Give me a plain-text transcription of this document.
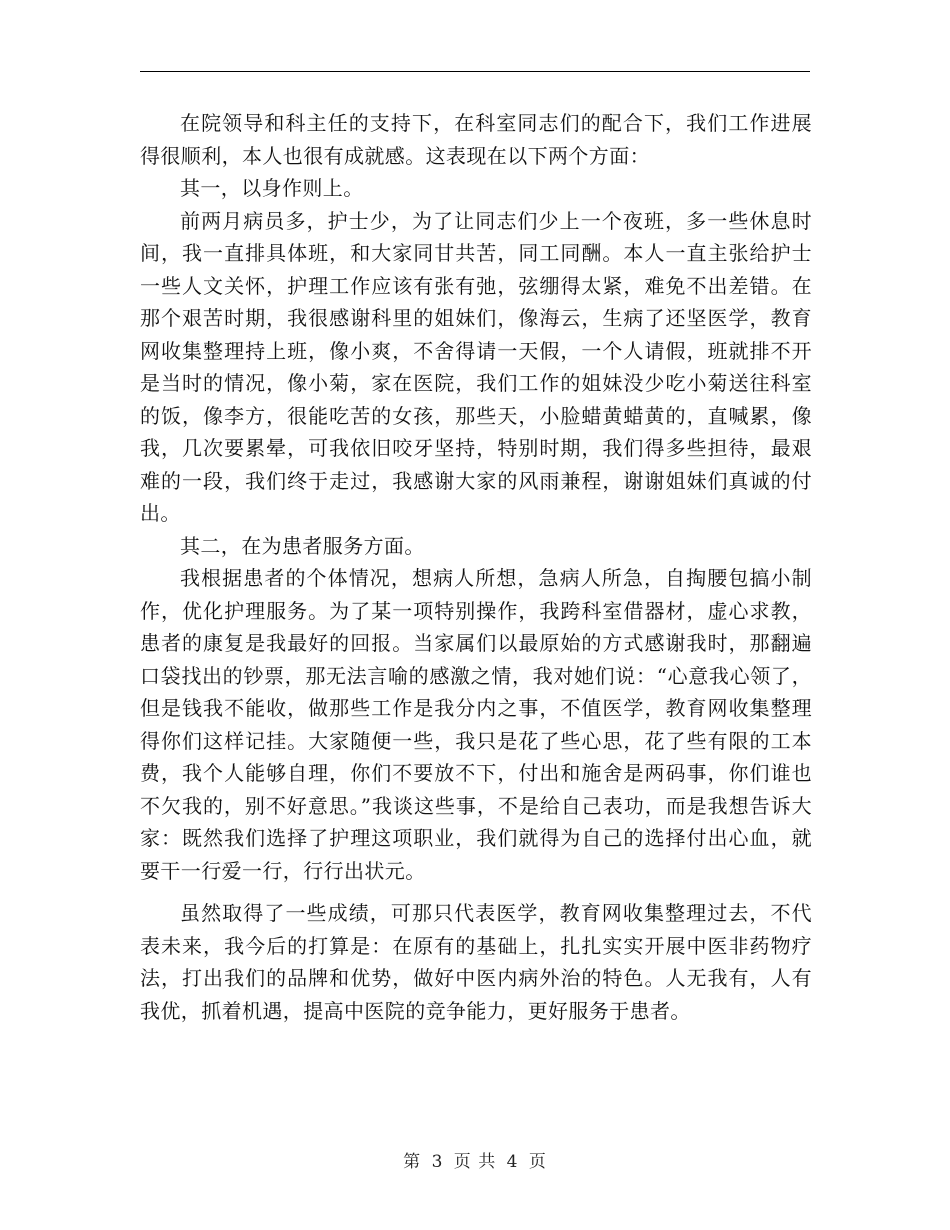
在院领导和科主任的支持下，在科室同志们的配合下，我们工作进展得很顺利，本人也很有成就感。这表现在以下两个方面：

其一，以身作则上。

前两月病员多，护士少，为了让同志们少上一个夜班，多一些休息时间，我一直排具体班，和大家同甘共苦，同工同酬。本人一直主张给护士一些人文关怀，护理工作应该有张有弛，弦绷得太紧，难免不出差错。在那个艰苦时期，我很感谢科里的姐妹们，像海云，生病了还坚医学，教育网收集整理持上班，像小爽，不舍得请一天假，一个人请假，班就排不开是当时的情况，像小菊，家在医院，我们工作的姐妹没少吃小菊送往科室的饭，像李方，很能吃苦的女孩，那些天，小脸蜡黄蜡黄的，直喊累，像我，几次要累晕，可我依旧咬牙坚持，特别时期，我们得多些担待，最艰难的一段，我们终于走过，我感谢大家的风雨兼程，谢谢姐妹们真诚的付出。

其二，在为患者服务方面。

我根据患者的个体情况，想病人所想，急病人所急，自掏腰包搞小制作，优化护理服务。为了某一项特别操作，我跨科室借器材，虚心求教，患者的康复是我最好的回报。当家属们以最原始的方式感谢我时，那翻遍口袋找出的钞票，那无法言喻的感激之情，我对她们说：“心意我心领了，但是钱我不能收，做那些工作是我分内之事，不值医学，教育网收集整理得你们这样记挂。大家随便一些，我只是花了些心思，花了些有限的工本费，我个人能够自理，你们不要放不下，付出和施舍是两码事，你们谁也不欠我的，别不好意思。”我谈这些事，不是给自己表功，而是我想告诉大家：既然我们选择了护理这项职业，我们就得为自己的选择付出心血，就要干一行爱一行，行行出状元。

虽然取得了一些成绩，可那只代表医学，教育网收集整理过去，不代表未来，我今后的打算是：在原有的基础上，扎扎实实开展中医非药物疗法，打出我们的品牌和优势，做好中医内病外治的特色。人无我有，人有我优，抓着机遇，提高中医院的竞争能力，更好服务于患者。

第 3 页 共 4 页
